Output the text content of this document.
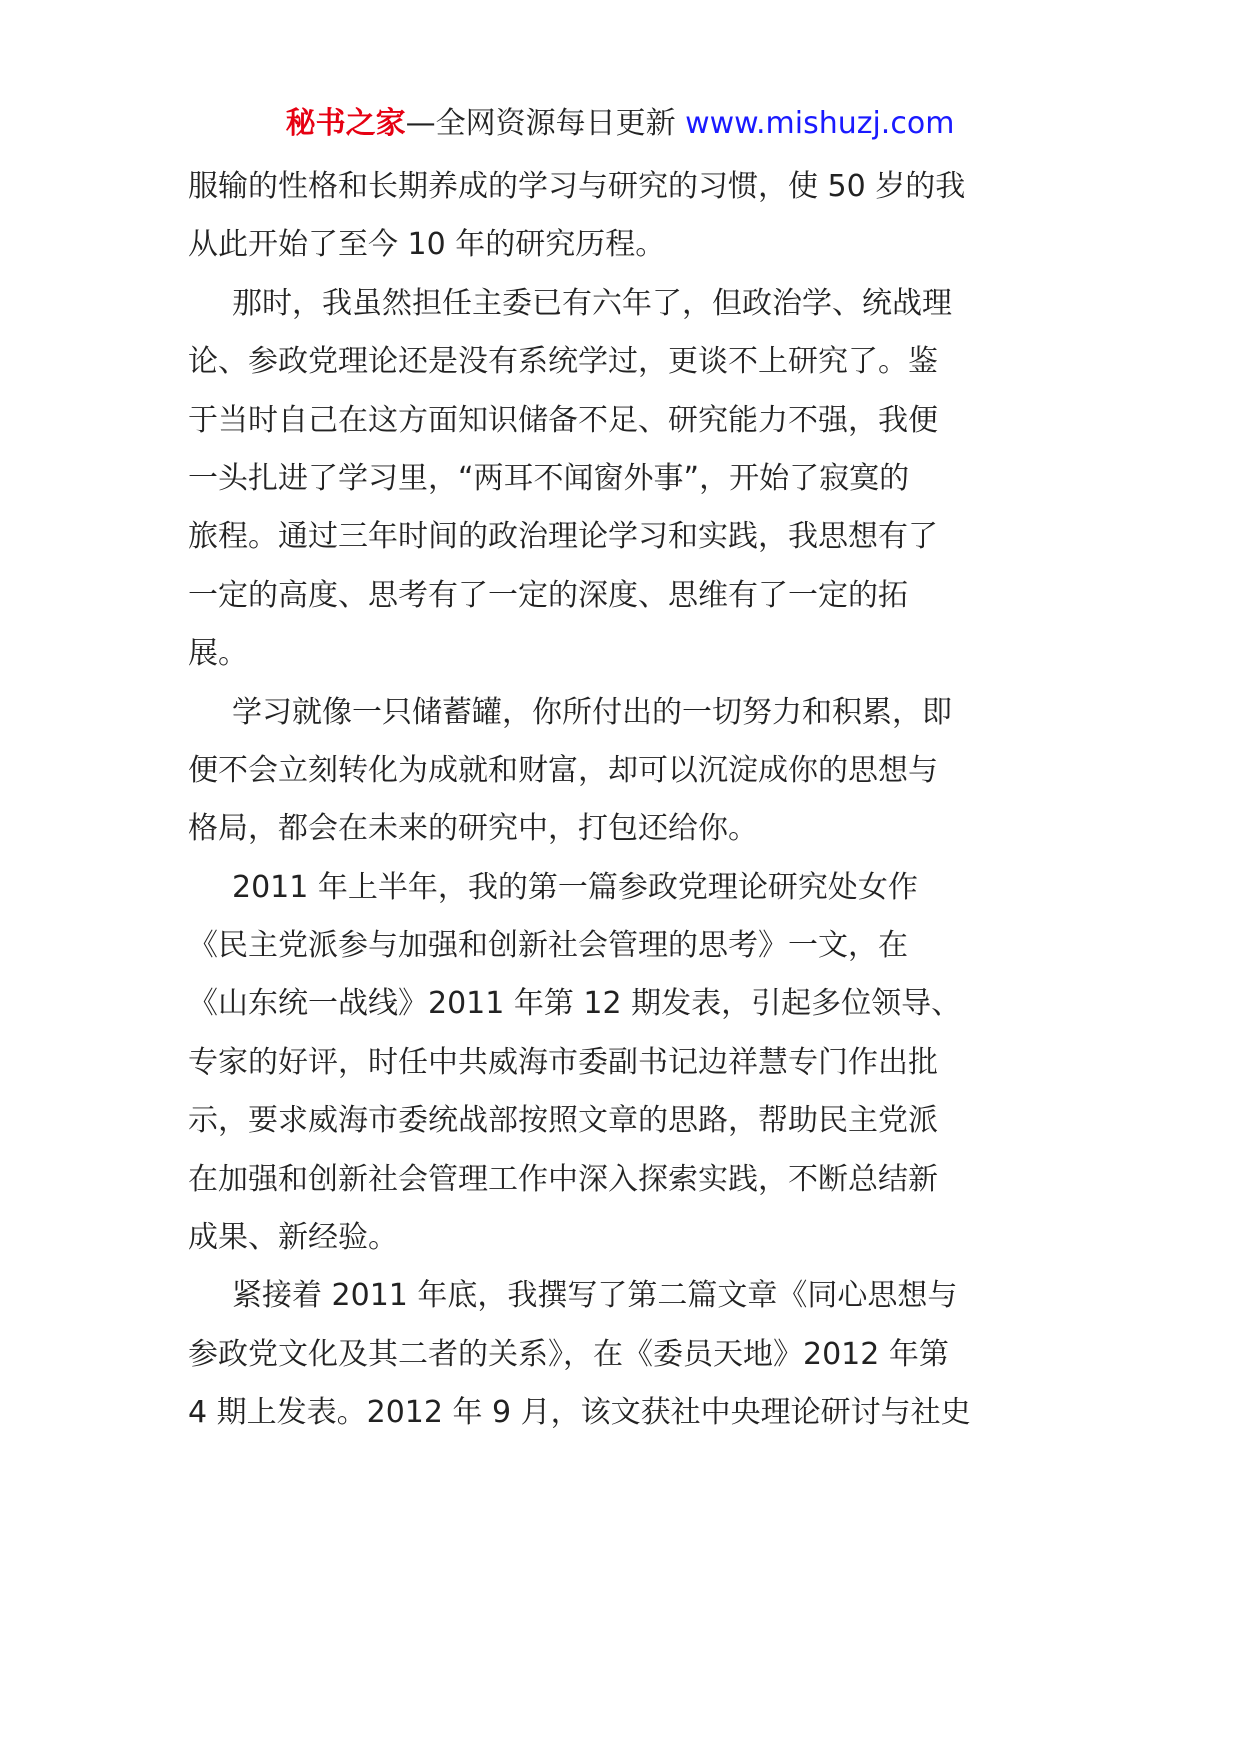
秘书之家—全网资源每日更新 www.mishuzj.com
服输的性格和长期养成的学习与研究的习惯，使 50 岁的我
从此开始了至今 10 年的研究历程。
那时，我虽然担任主委已有六年了，但政治学、统战理
论、参政党理论还是没有系统学过，更谈不上研究了。鉴
于当时自己在这方面知识储备不足、研究能力不强，我便
一头扎进了学习里，“两耳不闻窗外事”，开始了寂寞的
旅程。通过三年时间的政治理论学习和实践，我思想有了
一定的高度、思考有了一定的深度、思维有了一定的拓
展。
学习就像一只储蓄罐，你所付出的一切努力和积累，即
便不会立刻转化为成就和财富，却可以沉淀成你的思想与
格局，都会在未来的研究中，打包还给你。
2011 年上半年，我的第一篇参政党理论研究处女作
《民主党派参与加强和创新社会管理的思考》一文，在
《山东统一战线》2011 年第 12 期发表，引起多位领导、
专家的好评，时任中共威海市委副书记边祥慧专门作出批
示，要求威海市委统战部按照文章的思路，帮助民主党派
在加强和创新社会管理工作中深入探索实践，不断总结新
成果、新经验。
紧接着 2011 年底，我撰写了第二篇文章《同心思想与
参政党文化及其二者的关系》，在《委员天地》2012 年第
4 期上发表。2012 年 9 月，该文获社中央理论研讨与社史
